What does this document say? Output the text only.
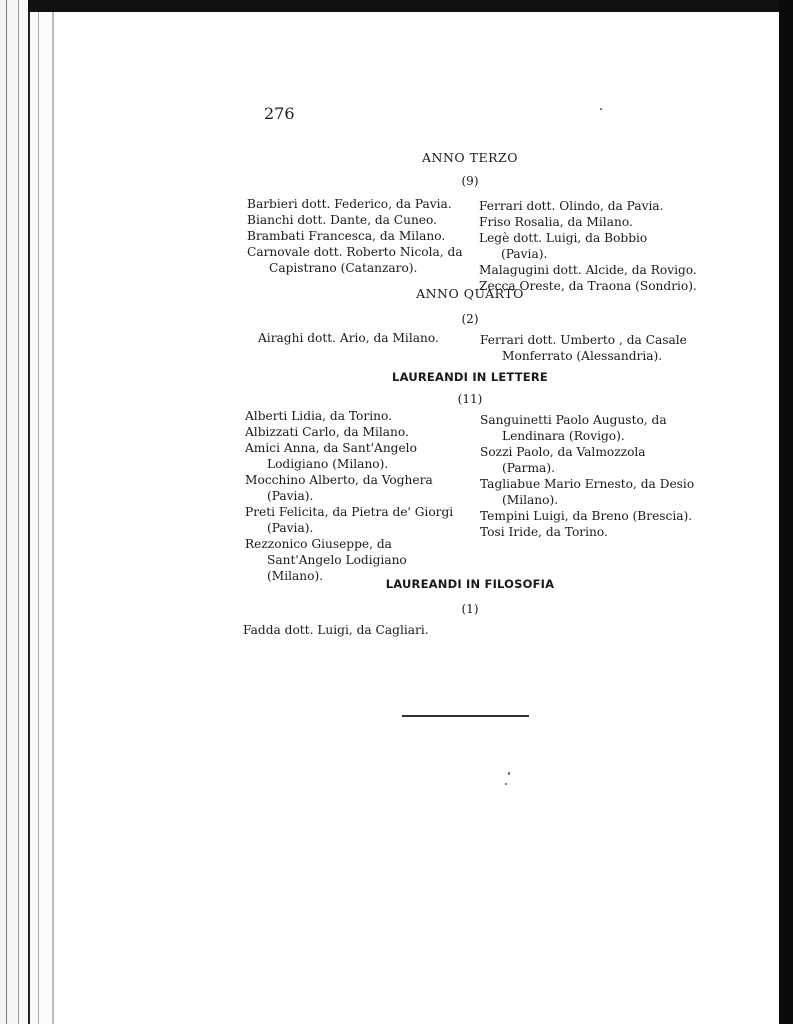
276
ANNO TERZO
(9)

Barbieri dott. Federico, da Pavia.

Bianchi dott. Dante, da Cuneo.

Brambati Francesca, da Milano.

Carnovale dott. Roberto Nicola, da Capistrano (Catanzaro).

Ferrari dott. Olindo, da Pavia.

Friso Rosalia, da Milano.

Legè dott. Luigi, da Bobbio (Pavia).

Malagugini dott. Alcide, da Rovigo.

Zecca Oreste, da Traona (Sondrio).

ANNO QUARTO
(2)

Airaghi dott. Ario, da Milano.	Ferrari dott. Umberto , da Casale Monferrato (Alessandria).

LAUREANDI IN LETTERE
(11)

Alberti Lidia, da Torino.

Albizzati Carlo, da Milano.

Amici Anna, da Sant'Angelo Lodigiano (Milano).

Mocchino Alberto, da Voghera (Pavia).

Preti Felicita, da Pietra de' Giorgi (Pavia).

Rezzonico Giuseppe, da Sant'Angelo Lodigiano (Milano).

Sanguinetti Paolo Augusto, da Lendinara (Rovigo).

Sozzi Paolo, da Valmozzola (Parma).

Tagliabue Mario Ernesto, da Desio (Milano).

Tempini Luigi, da Breno (Brescia).

Tosi Iride, da Torino.

LAUREANDI IN FILOSOFIA
(1)

Fadda dott. Luigi, da Cagliari.
